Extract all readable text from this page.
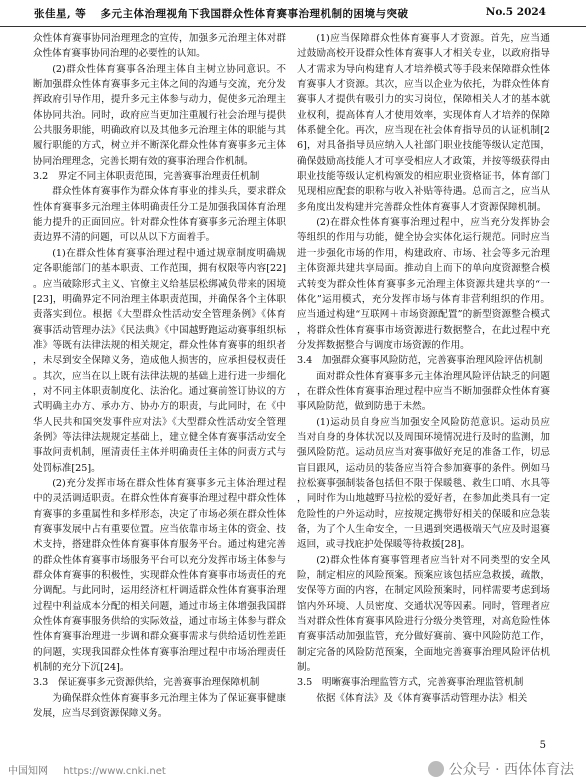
张佳星, 等 多元主体治理视角下我国群众性体育赛事治理机制的困境与突破	No.5 2024

众性体育赛事协同治理理念的宣传，加强多元治理主体对群众性体育赛事协同治理的必要性的认知。

(2)群众性体育赛事各治理主体自主树立协同意识。不断加强群众性体育赛事多元主体之间的沟通与交流，充分发挥政府引导作用，提升多元主体参与动力，促使多元治理主体协同共治。同时，政府应当更加注重履行社会治理与提供公共服务职能，明确政府以及其他多元治理主体的职能与其履行职能的方式，树立并不断深化群众性体育赛事多元主体协同治理理念，完善长期有效的赛事治理合作机制。

3.2　界定不同主体职责范围，完善赛事治理责任机制

群众性体育赛事作为群众体育事业的排头兵，要求群众性体育赛事多元治理主体明确责任分工是加强我国体育治理能力提升的正面回应。针对群众性体育赛事多元治理主体职责边界不清的问题，可以从以下方面着手。

(1)在群众性体育赛事治理过程中通过规章制度明确规定各职能部门的基本职责、工作范围，拥有权限等内容[22]。应当破除形式主义、官僚主义给基层松绑减负带来的困境[23]，明确界定不同治理主体职责范围，并确保各个主体职责落实到位。根据《大型群众性活动安全管理条例》《体育赛事活动管理办法》《民法典》《中国越野跑运动赛事组织标准》等既有法律法规的相关规定，群众性体育赛事的组织者，未尽到安全保障义务，造成他人损害的，应承担侵权责任。其次，应当在以上既有法律法规的基础上进行进一步细化，对不同主体职责制度化、法治化。通过赛前签订协议的方式明确主办方、承办方、协办方的职责，与此同时，在《中华人民共和国突发事件应对法》《大型群众性活动安全管理条例》等法律法规规定基础上，建立健全体育赛事活动安全事故问责机制，厘清责任主体并明确责任主体的问责方式与处罚标准[25]。

(2)充分发挥市场在群众性体育赛事多元主体治理过程中的灵活调适职责。在群众性体育赛事治理过程中群众性体育赛事的多重属性和多样形态，决定了市场必须在群众性体育赛事发展中占有重要位置。应当依靠市场主体的资金、技术支持，搭建群众性体育赛事体育服务平台。通过构建完善的群众性体育赛事市场服务平台可以充分发挥市场主体参与群众体育赛事的积极性，实现群众性体育赛事市场责任的充分调配。与此同时，运用经济杠杆调适群众性体育赛事治理过程中利益成本分配的相关问题，通过市场主体增强我国群众性体育赛事服务供给的实际效益，通过市场主体参与群众性体育赛事治理进一步调和群众赛事需求与供给适切性差距的问题，实现我国群众性体育赛事治理过程中市场治理责任机制的充分下沉[24]。

3.3　保证赛事多元资源供给，完善赛事治理保障机制

为确保群众性体育赛事多元治理主体为了保证赛事健康发展，应当尽到资源保障义务。

(1)应当保障群众性体育赛事人才资源。首先，应当通过鼓励高校开设群众性体育赛事人才相关专业，以政府指导人才需求为导向构建育人才培养模式等手段来保障群众性体育赛事人才资源。其次，应当以企业为依托，为群众性体育赛事人才提供有吸引力的实习岗位，保障相关人才的基本就业权利，提高体育人才使用效率，实现体育人才培养的保障体系健全化。再次，应当现在社会体育指导员的认证机制[26]，对具备指导员应纳入人社部门职业技能等级认定范围，确保鼓励高技能人才可享受相应人才政策，并按等级获得由职业技能等级认定机构颁发的相应职业资格证书，体育部门见现相应配套的职称与收入补贴等待遇。总而言之，应当从多角度出发构建并完善群众性体育赛事人才资源保障机制。

(2)在群众性体育赛事治理过程中，应当充分发挥协会等组织的作用与功能，健全协会实体化运行规范。同时应当进一步强化市场的作用，构建政府、市场、社会等多元治理主体资源共建共享局面。推动自上而下的单向度资源整合模式转变为群众性体育赛事多元治理主体资源共建共享的“一体化”运用模式，充分发挥市场与体育非营利组织的作用。应当通过构建“互联网＋市场资源配置”的新型资源整合模式，将群众性体育赛事市场资源进行数据整合，在此过程中充分发挥数据整合与调度市场资源的作用。

3.4　加强群众赛事风险防范，完善赛事治理风险评估机制

面对群众性体育赛事多元主体治理风险评估缺乏的问题，在群众性体育赛事治理过程中应当不断加强群众性体育赛事风险防范，做到防患于未然。

(1)运动员自身应当加强安全风险防范意识。运动员应当对自身的身体状况以及周围环境情况进行及时的监测，加强风险防范。运动员应当对赛事做好充足的准备工作，切忌盲目跟风，运动员的装备应当符合参加赛事的条件。例如马拉松赛事强制装备包括但不限于保暖毯、救生口哨、水具等，同时作为山地越野马拉松的爱好者，在参加此类具有一定危险性的户外运动时，应按规定携带好相关的保暖和应急装备，为了个人生命安全，一旦遇到突遇极端天气应及时退赛返回，或寻找庇护处保暖等待救援[28]。

(2)群众性体育赛事管理者应当针对不同类型的安全风险，制定相应的风险预案。预案应该包括应急救援，疏散，安保等方面的内容，在制定风险预案时，同样需要考虑到场馆内外环境、人员密度、交通状况等因素。同时，管理者应当对群众性体育赛事风险进行分级分类管理，对高危险性体育赛事活动加强监管，充分做好赛前、赛中风险防范工作，制定完备的风险防范预案，全面地完善赛事治理风险评估机制。

3.5　明晰赛事治理监管方式，完善赛事治理监管机制

依据《体育法》及《体育赛事活动管理办法》相关

5
中国知网 https://www.cnki.net	公众号 · 西体体育法
